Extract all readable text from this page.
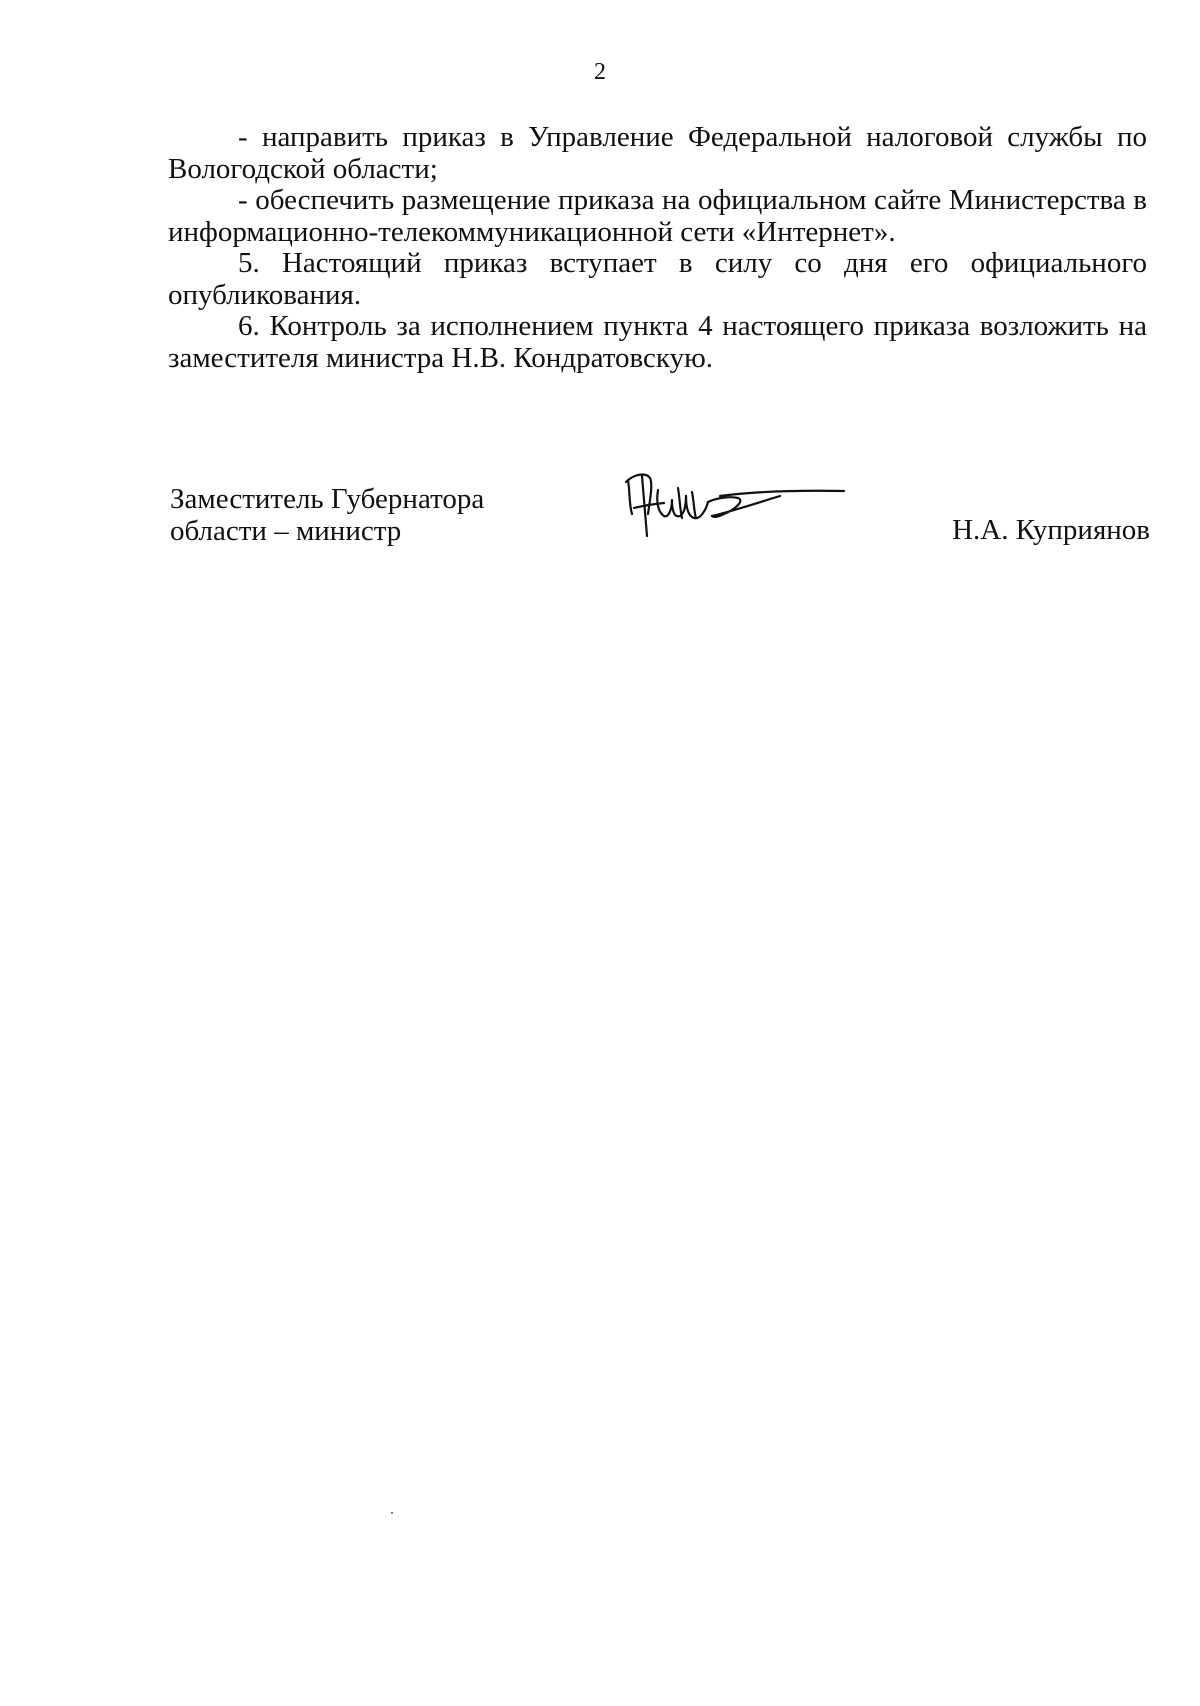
2

- направить приказ в Управление Федеральной налоговой службы по Вологодской области;

- обеспечить размещение приказа на официальном сайте Министерства в информационно-телекоммуникационной сети «Интернет».

5. Настоящий приказ вступает в силу со дня его официального опубликования.

6. Контроль за исполнением пункта 4 настоящего приказа возложить на заместителя министра Н.В. Кондратовскую.

Заместитель Губернатора
области – министр	Н.А. Куприянов
